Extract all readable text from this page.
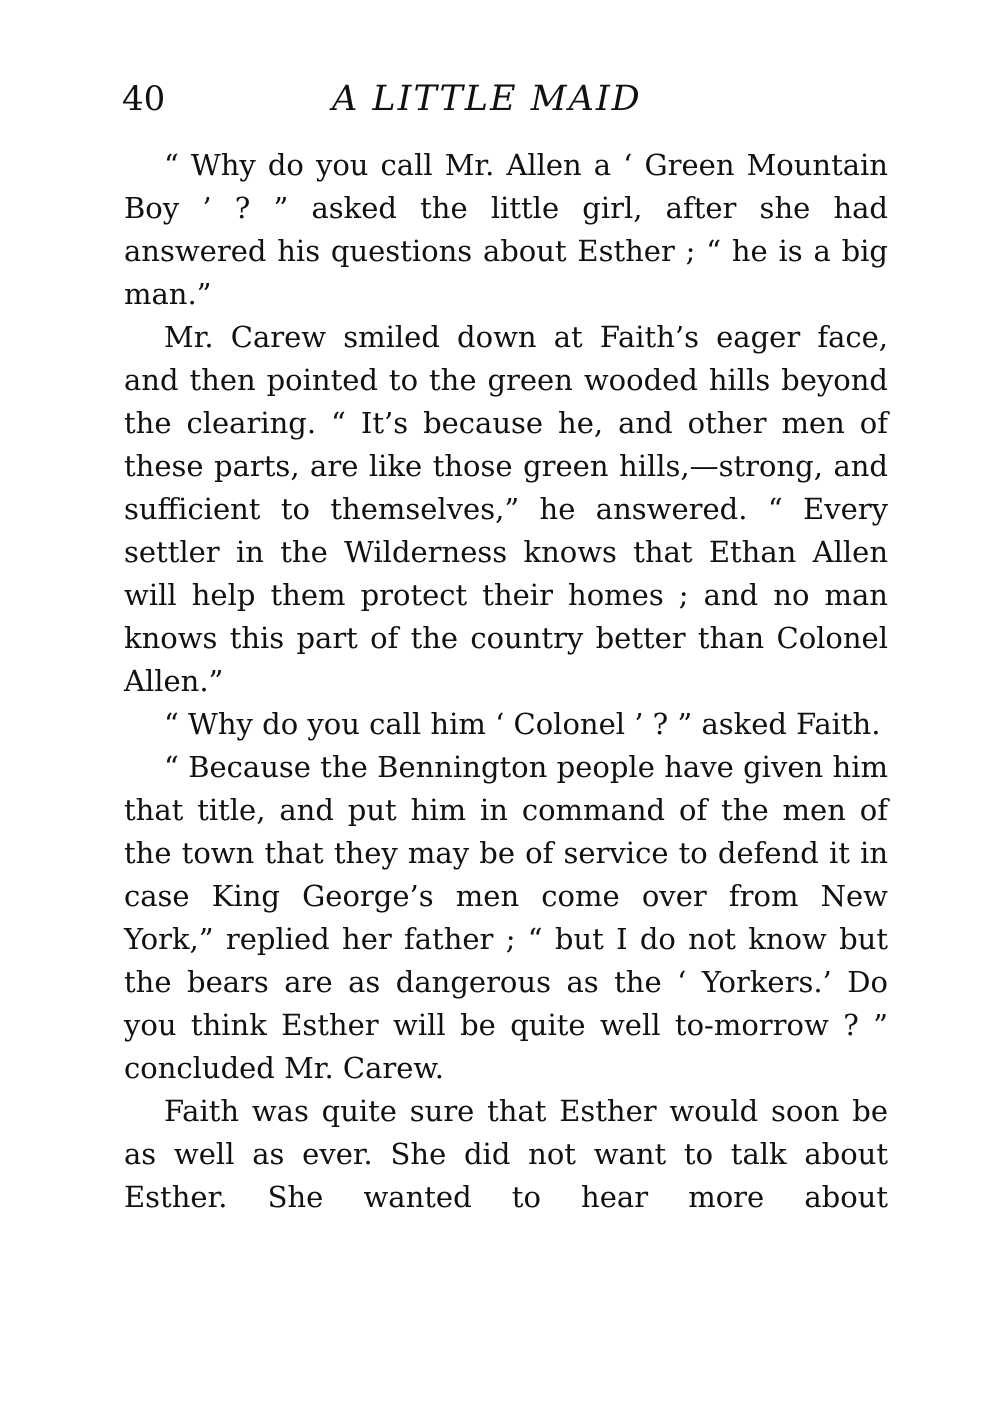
40	A LITTLE MAID

“ Why do you call Mr. Allen a ‘ Green Mountain Boy ’ ? ” asked the little girl, after she had answered his questions about Esther ; “ he is a big man.”

Mr. Carew smiled down at Faith’s eager face, and then pointed to the green wooded hills beyond the clearing. “ It’s because he, and other men of these parts, are like those green hills,—strong, and sufficient to themselves,” he answered. “ Every settler in the Wilderness knows that Ethan Allen will help them protect their homes ; and no man knows this part of the country better than Colonel Allen.”

“ Why do you call him ‘ Colonel ’ ? ” asked Faith.

“ Because the Bennington people have given him that title, and put him in command of the men of the town that they may be of service to defend it in case King George’s men come over from New York,” replied her father ; “ but I do not know but the bears are as dangerous as the ‘ Yorkers.’ Do you think Esther will be quite well to-morrow ? ” concluded Mr. Carew.

Faith was quite sure that Esther would soon be as well as ever. She did not want to talk about Esther. She wanted to hear more about
